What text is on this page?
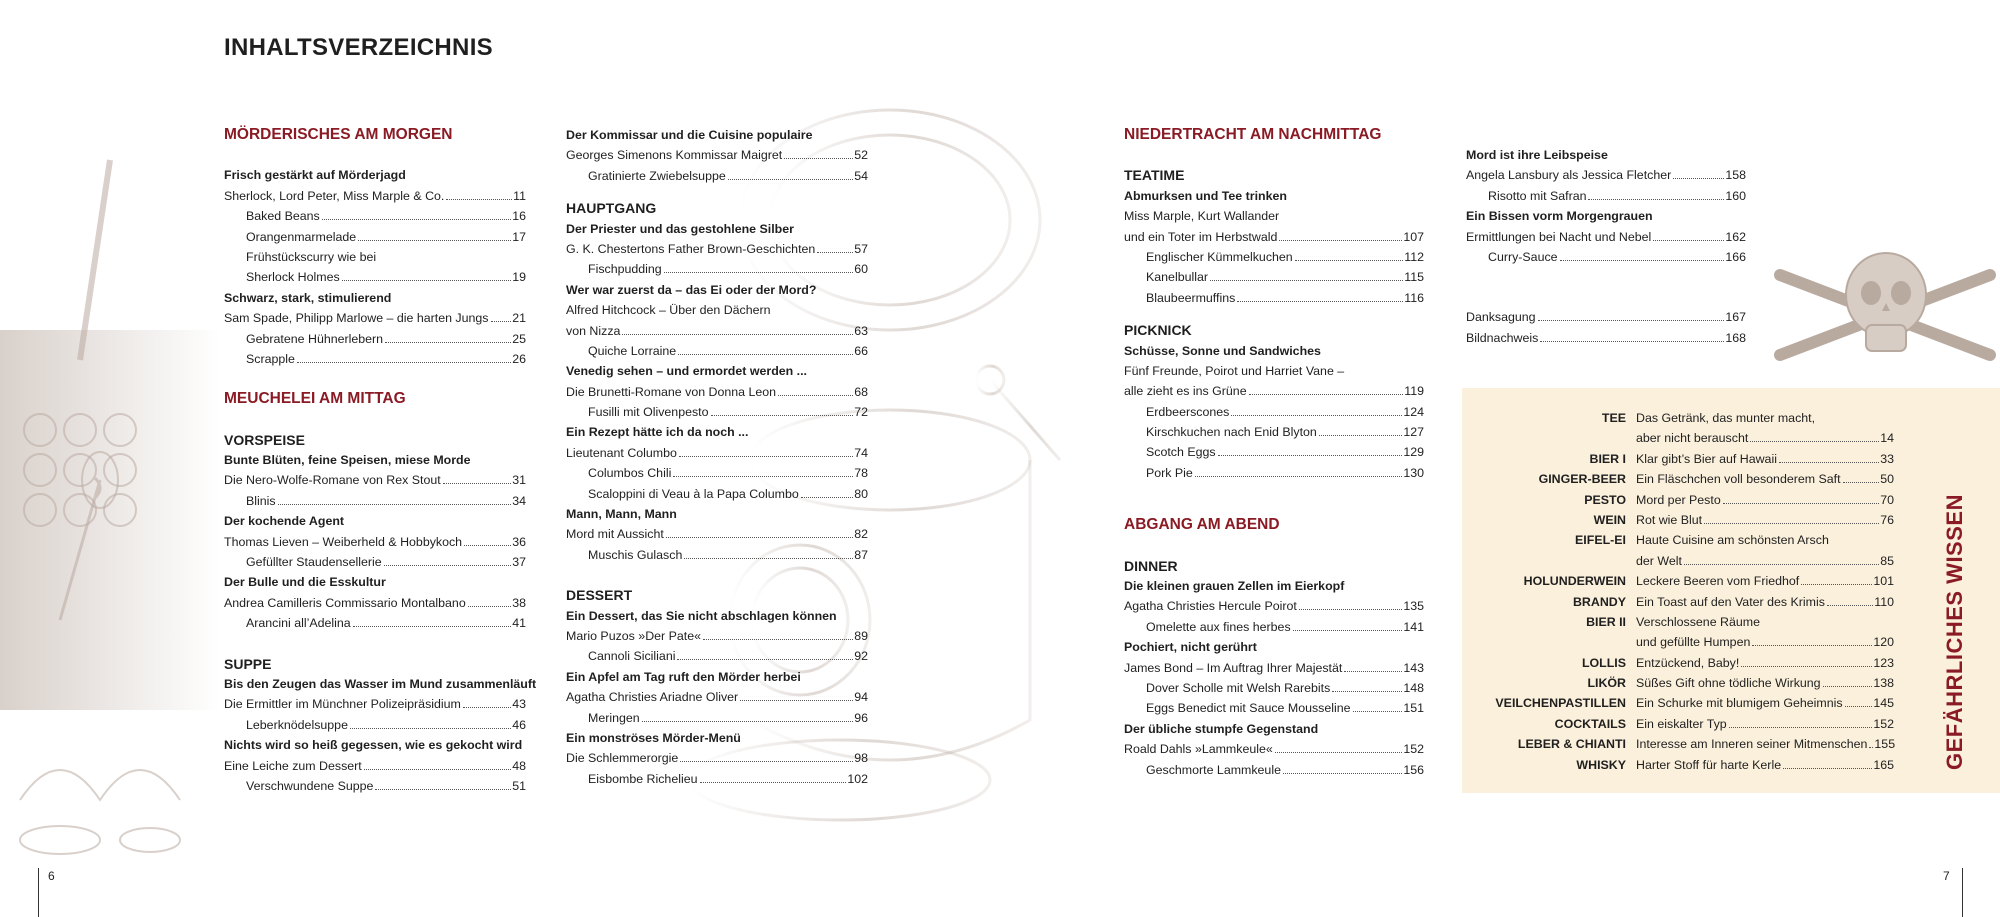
INHALTSVERZEICHNIS
MÖRDERISCHES AM MORGEN
Frisch gestärkt auf Mörderjagd
Sherlock, Lord Peter, Miss Marple & Co.	11
Baked Beans	16
Orangenmarmelade	17
Frühstückscurry wie bei
Sherlock Holmes	19
Schwarz, stark, stimulierend
Sam Spade, Philipp Marlowe – die harten Jungs 21
Gebratene Hühnerlebern	25
Scrapple	26
MEUCHELEI AM MITTAG
VORSPEISE
Bunte Blüten, feine Speisen, miese Morde
Die Nero-Wolfe-Romane von Rex Stout	31
Blinis	34
Der kochende Agent
Thomas Lieven – Weiberheld & Hobbykoch	36
Gefüllter Staudensellerie	37
Der Bulle und die Esskultur
Andrea Camilleris Commissario Montalbano	38
Arancini all’Adelina	41
SUPPE
Bis den Zeugen das Wasser im Mund zusammenläuft
Die Ermittler im Münchner Polizeipräsidium	43
Leberknödelsuppe	46
Nichts wird so heiß gegessen, wie es gekocht wird
Eine Leiche zum Dessert	48
Verschwundene Suppe	51
Der Kommissar und die Cuisine populaire
Georges Simenons Kommissar Maigret	52
Gratinierte Zwiebelsuppe	54
HAUPTGANG
Der Priester und das gestohlene Silber
G. K. Chestertons Father Brown-Geschichten	57
Fischpudding	60
Wer war zuerst da – das Ei oder der Mord?
Alfred Hitchcock – Über den Dächern
von Nizza	63
Quiche Lorraine	66
Venedig sehen – und ermordet werden ...
Die Brunetti-Romane von Donna Leon	68
Fusilli mit Olivenpesto	72
Ein Rezept hätte ich da noch ...
Lieutenant Columbo	74
Columbos Chili	78
Scaloppini di Veau à la Papa Columbo	80
Mann, Mann, Mann
Mord mit Aussicht	82
Muschis Gulasch	87
DESSERT
Ein Dessert, das Sie nicht abschlagen können
Mario Puzos »Der Pate«	89
Cannoli Siciliani	92
Ein Apfel am Tag ruft den Mörder herbei
Agatha Christies Ariadne Oliver	94
Meringen	96
Ein monströses Mörder-Menü
Die Schlemmerorgie	98
Eisbombe Richelieu	102
NIEDERTRACHT AM NACHMITTAG
TEATIME
Abmurksen und Tee trinken
Miss Marple, Kurt Wallander
und ein Toter im Herbstwald	107
Englischer Kümmelkuchen	112
Kanelbullar	115
Blaubeermuffins	116
PICKNICK
Schüsse, Sonne und Sandwiches
Fünf Freunde, Poirot und Harriet Vane –
alle zieht es ins Grüne	119
Erdbeerscones	124
Kirschkuchen nach Enid Blyton	127
Scotch Eggs	129
Pork Pie	130
ABGANG AM ABEND
DINNER
Die kleinen grauen Zellen im Eierkopf
Agatha Christies Hercule Poirot	135
Omelette aux fines herbes	141
Pochiert, nicht gerührt
James Bond – Im Auftrag Ihrer Majestät	143
Dover Scholle mit Welsh Rarebits	148
Eggs Benedict mit Sauce Mousseline	151
Der übliche stumpfe Gegenstand
Roald Dahls »Lammkeule«	152
Geschmorte Lammkeule	156
Mord ist ihre Leibspeise
Angela Lansbury als Jessica Fletcher	158
Risotto mit Safran	160
Ein Bissen vorm Morgengrauen
Ermittlungen bei Nacht und Nebel	162
Curry-Sauce	166
Danksagung	167
Bildnachweis	168
TEE Das Getränk, das munter macht,
aber nicht berauscht	14
BIER I Klar gibt’s Bier auf Hawaii	33
GINGER-BEER Ein Fläschchen voll besonderem Saft	50
PESTO Mord per Pesto	70
WEIN Rot wie Blut	76
EIFEL-EI Haute Cuisine am schönsten Arsch
der Welt	85
HOLUNDERWEIN Leckere Beeren vom Friedhof	101
BRANDY Ein Toast auf den Vater des Krimis	110
BIER II Verschlossene Räume
und gefüllte Humpen	120
LOLLIS Entzückend, Baby!	123
LIKÖR Süßes Gift ohne tödliche Wirkung	138
VEILCHENPASTILLEN Ein Schurke mit blumigem Geheimnis 145
COCKTAILS Ein eiskalter Typ	152
LEBER & CHIANTI Interesse am Inneren seiner Mitmenschen 155
WHISKY Harter Stoff für harte Kerle	165 GEFÄHRLICHES WISSEN
6	7
